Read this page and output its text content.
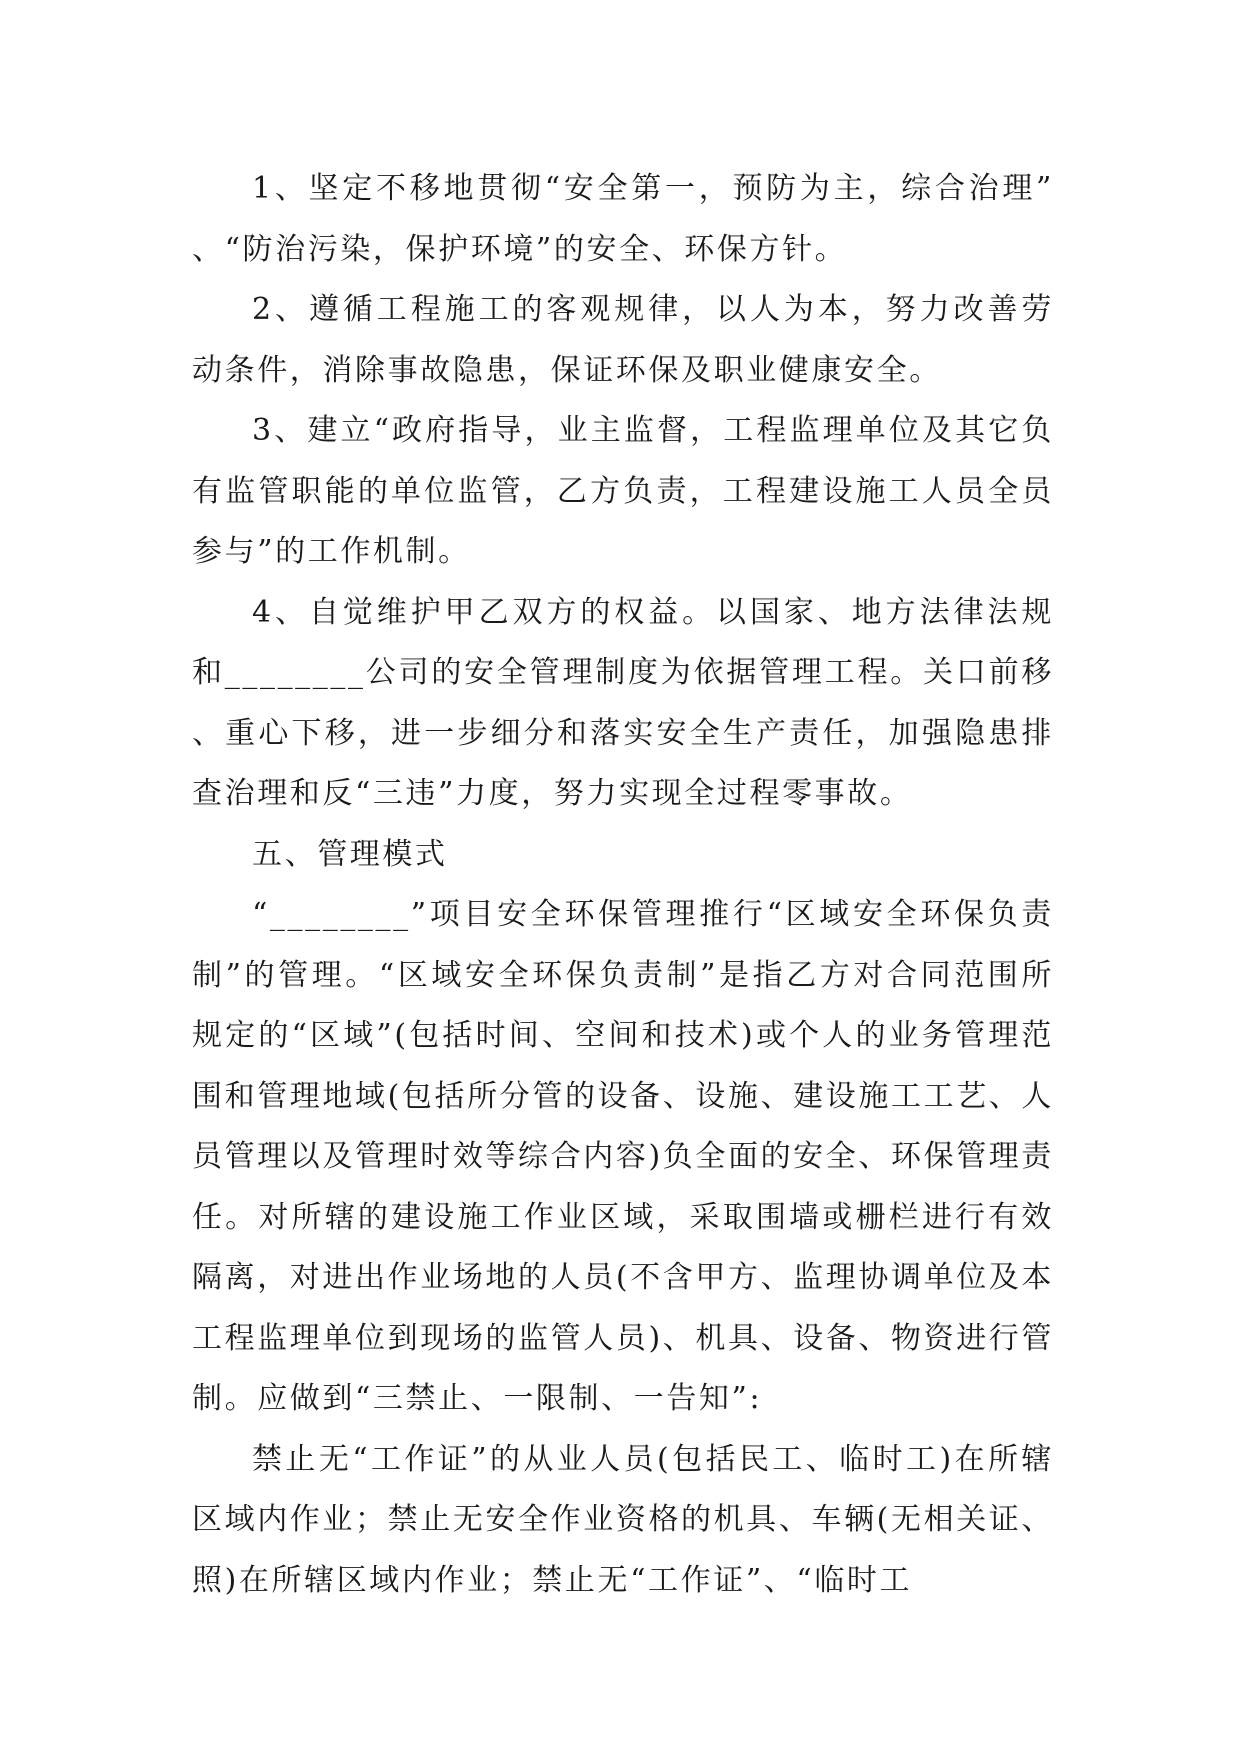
1、坚定不移地贯彻“安全第一，预防为主，综合治理”、“防治污染，保护环境”的安全、环保方针。

2、遵循工程施工的客观规律，以人为本，努力改善劳动条件，消除事故隐患，保证环保及职业健康安全。

3、建立“政府指导，业主监督，工程监理单位及其它负有监管职能的单位监管，乙方负责，工程建设施工人员全员参与”的工作机制。

4、自觉维护甲乙双方的权益。以国家、地方法律法规和________公司的安全管理制度为依据管理工程。关口前移、重心下移，进一步细分和落实安全生产责任，加强隐患排查治理和反“三违”力度，努力实现全过程零事故。

五、管理模式

“________”项目安全环保管理推行“区域安全环保负责制”的管理。“区域安全环保负责制”是指乙方对合同范围所规定的“区域”(包括时间、空间和技术)或个人的业务管理范围和管理地域(包括所分管的设备、设施、建设施工工艺、人员管理以及管理时效等综合内容)负全面的安全、环保管理责任。对所辖的建设施工作业区域，采取围墙或栅栏进行有效隔离，对进出作业场地的人员(不含甲方、监理协调单位及本工程监理单位到现场的监管人员)、机具、设备、物资进行管制。应做到“三禁止、一限制、一告知”:

禁止无“工作证”的从业人员(包括民工、临时工)在所辖区域内作业；禁止无安全作业资格的机具、车辆(无相关证、照)在所辖区域内作业；禁止无“工作证”、“临时工
